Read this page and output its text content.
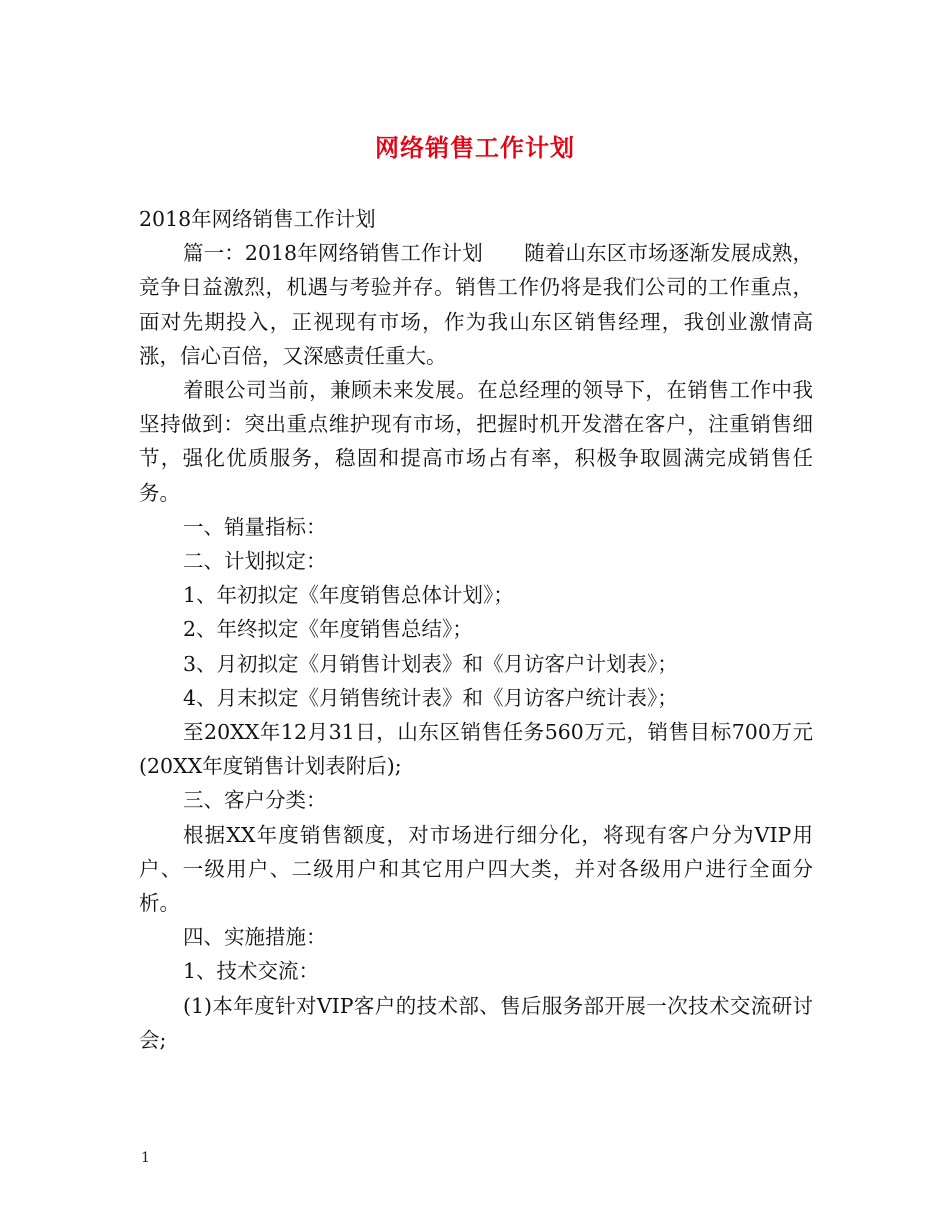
网络销售工作计划

2018年网络销售工作计划

篇一：2018年网络销售工作计划　　随着山东区市场逐渐发展成熟，竞争日益激烈，机遇与考验并存。销售工作仍将是我们公司的工作重点，面对先期投入，正视现有市场，作为我山东区销售经理，我创业激情高涨，信心百倍，又深感责任重大。

着眼公司当前，兼顾未来发展。在总经理的领导下，在销售工作中我坚持做到：突出重点维护现有市场，把握时机开发潜在客户，注重销售细节，强化优质服务，稳固和提高市场占有率，积极争取圆满完成销售任务。

一、销量指标：

二、计划拟定：

1、年初拟定《年度销售总体计划》；

2、年终拟定《年度销售总结》；

3、月初拟定《月销售计划表》和《月访客户计划表》；

4、月末拟定《月销售统计表》和《月访客户统计表》；

至20XX年12月31日，山东区销售任务560万元，销售目标700万元(20XX年度销售计划表附后);

三、客户分类：

根据XX年度销售额度，对市场进行细分化，将现有客户分为VIP用户、一级用户、二级用户和其它用户四大类，并对各级用户进行全面分析。

四、实施措施：

1、技术交流：

(1)本年度针对VIP客户的技术部、售后服务部开展一次技术交流研讨会;

1
